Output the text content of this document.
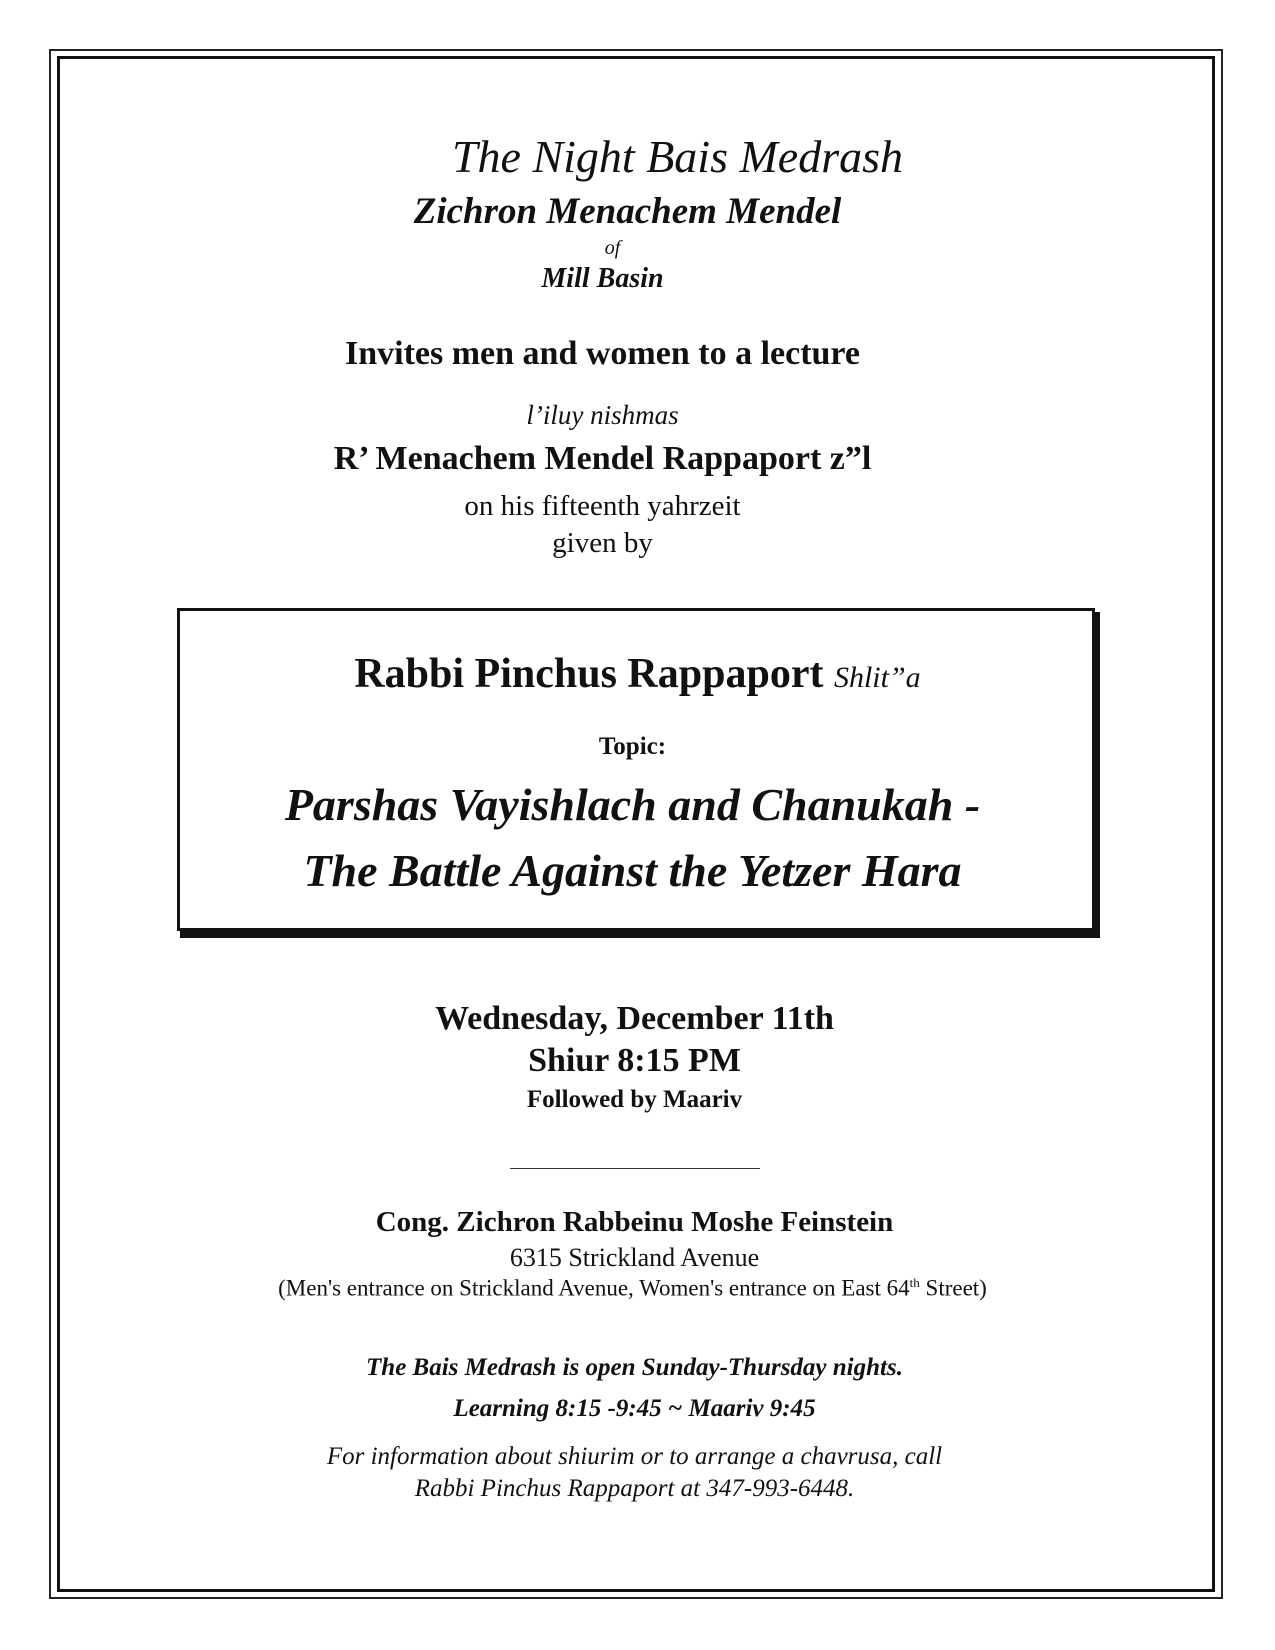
The Night Bais Medrash
Zichron Menachem Mendel
of
Mill Basin
Invites men and women to a lecture
l’iluy nishmas
R’ Menachem Mendel Rappaport z”l
on his fifteenth yahrzeit
given by
Rabbi Pinchus Rappaport Shlit”a
Topic:
Parshas Vayishlach and Chanukah -
The Battle Against the Yetzer Hara
Wednesday, December 11th
Shiur 8:15 PM
Followed by Maariv
Cong. Zichron Rabbeinu Moshe Feinstein
6315 Strickland Avenue
(Men's entrance on Strickland Avenue, Women's entrance on East 64th Street)
The Bais Medrash is open Sunday-Thursday nights.
Learning 8:15 -9:45 ~ Maariv 9:45
For information about shiurim or to arrange a chavrusa, call
Rabbi Pinchus Rappaport at 347-993-6448.
